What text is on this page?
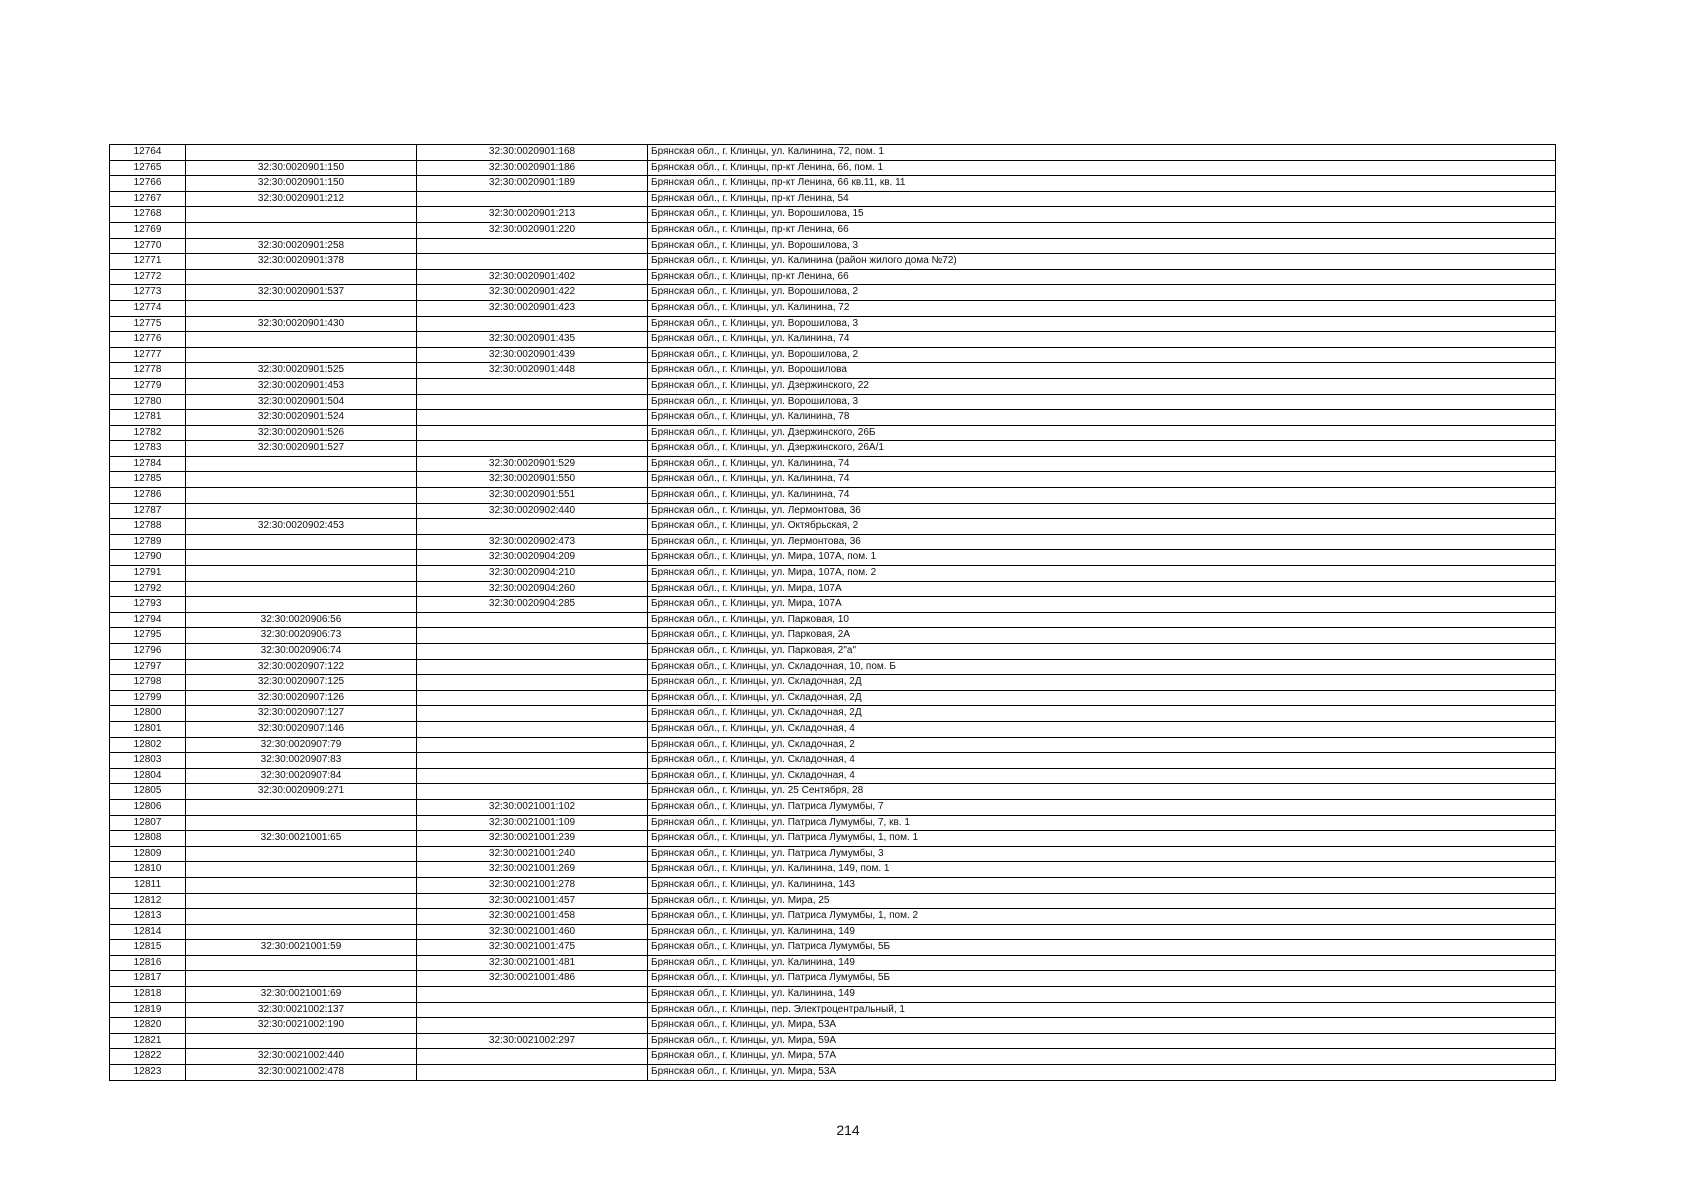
12764		32:30:0020901:168	Брянская обл., г. Клинцы, ул. Калинина, 72, пом. 1
12765	32:30:0020901:150	32:30:0020901:186	Брянская обл., г. Клинцы, пр-кт Ленина, 66, пом. 1
12766	32:30:0020901:150	32:30:0020901:189	Брянская обл., г. Клинцы, пр-кт Ленина, 66 кв.11, кв. 11
12767	32:30:0020901:212		Брянская обл., г. Клинцы, пр-кт Ленина, 54
12768		32:30:0020901:213	Брянская обл., г. Клинцы, ул. Ворошилова, 15
12769		32:30:0020901:220	Брянская обл., г. Клинцы, пр-кт Ленина, 66
12770	32:30:0020901:258		Брянская обл., г. Клинцы, ул. Ворошилова, 3
12771	32:30:0020901:378		Брянская обл., г. Клинцы, ул. Калинина (район жилого дома №72)
12772		32:30:0020901:402	Брянская обл., г. Клинцы, пр-кт Ленина, 66
12773	32:30:0020901:537	32:30:0020901:422	Брянская обл., г. Клинцы, ул. Ворошилова, 2
12774		32:30:0020901:423	Брянская обл., г. Клинцы, ул. Калинина, 72
12775	32:30:0020901:430		Брянская обл., г. Клинцы, ул. Ворошилова, 3
12776		32:30:0020901:435	Брянская обл., г. Клинцы, ул. Калинина, 74
12777		32:30:0020901:439	Брянская обл., г. Клинцы, ул. Ворошилова, 2
12778	32:30:0020901:525	32:30:0020901:448	Брянская обл., г. Клинцы, ул. Ворошилова
12779	32:30:0020901:453		Брянская обл., г. Клинцы, ул. Дзержинского, 22
12780	32:30:0020901:504		Брянская обл., г. Клинцы, ул. Ворошилова, 3
12781	32:30:0020901:524		Брянская обл., г. Клинцы, ул. Калинина, 78
12782	32:30:0020901:526		Брянская обл., г. Клинцы, ул. Дзержинского, 26Б
12783	32:30:0020901:527		Брянская обл., г. Клинцы, ул. Дзержинского, 26А/1
12784		32:30:0020901:529	Брянская обл., г. Клинцы, ул. Калинина, 74
12785		32:30:0020901:550	Брянская обл., г. Клинцы, ул. Калинина, 74
12786		32:30:0020901:551	Брянская обл., г. Клинцы, ул. Калинина, 74
12787		32:30:0020902:440	Брянская обл., г. Клинцы, ул. Лермонтова, 36
12788	32:30:0020902:453		Брянская обл., г. Клинцы, ул. Октябрьская, 2
12789		32:30:0020902:473	Брянская обл., г. Клинцы, ул. Лермонтова, 36
12790		32:30:0020904:209	Брянская обл., г. Клинцы, ул. Мира, 107А, пом. 1
12791		32:30:0020904:210	Брянская обл., г. Клинцы, ул. Мира, 107А, пом. 2
12792		32:30:0020904:260	Брянская обл., г. Клинцы, ул. Мира, 107А
12793		32:30:0020904:285	Брянская обл., г. Клинцы, ул. Мира, 107А
12794	32:30:0020906:56		Брянская обл., г. Клинцы, ул. Парковая, 10
12795	32:30:0020906:73		Брянская обл., г. Клинцы, ул. Парковая, 2А
12796	32:30:0020906:74		Брянская обл., г. Клинцы, ул. Парковая, 2"а"
12797	32:30:0020907:122		Брянская обл., г. Клинцы, ул. Складочная, 10, пом. Б
12798	32:30:0020907:125		Брянская обл., г. Клинцы, ул. Складочная, 2Д
12799	32:30:0020907:126		Брянская обл., г. Клинцы, ул. Складочная, 2Д
12800	32:30:0020907:127		Брянская обл., г. Клинцы, ул. Складочная, 2Д
12801	32:30:0020907:146		Брянская обл., г. Клинцы, ул. Складочная, 4
12802	32:30:0020907:79		Брянская обл., г. Клинцы, ул. Складочная, 2
12803	32:30:0020907:83		Брянская обл., г. Клинцы, ул. Складочная, 4
12804	32:30:0020907:84		Брянская обл., г. Клинцы, ул. Складочная, 4
12805	32:30:0020909:271		Брянская обл., г. Клинцы, ул. 25 Сентября, 28
12806		32:30:0021001:102	Брянская обл., г. Клинцы, ул. Патриса Лумумбы, 7
12807		32:30:0021001:109	Брянская обл., г. Клинцы, ул. Патриса Лумумбы, 7, кв. 1
12808	32:30:0021001:65	32:30:0021001:239	Брянская обл., г. Клинцы, ул. Патриса Лумумбы, 1, пом. 1
12809		32:30:0021001:240	Брянская обл., г. Клинцы, ул. Патриса Лумумбы, 3
12810		32:30:0021001:269	Брянская обл., г. Клинцы, ул. Калинина, 149, пом. 1
12811		32:30:0021001:278	Брянская обл., г. Клинцы, ул. Калинина, 143
12812		32:30:0021001:457	Брянская обл., г. Клинцы, ул. Мира, 25
12813		32:30:0021001:458	Брянская обл., г. Клинцы, ул. Патриса Лумумбы, 1, пом. 2
12814		32:30:0021001:460	Брянская обл., г. Клинцы, ул. Калинина, 149
12815	32:30:0021001:59	32:30:0021001:475	Брянская обл., г. Клинцы, ул. Патриса Лумумбы, 5Б
12816		32:30:0021001:481	Брянская обл., г. Клинцы, ул. Калинина, 149
12817		32:30:0021001:486	Брянская обл., г. Клинцы, ул. Патриса Лумумбы, 5Б
12818	32:30:0021001:69		Брянская обл., г. Клинцы, ул. Калинина, 149
12819	32:30:0021002:137		Брянская обл., г. Клинцы, пер. Электроцентральный, 1
12820	32:30:0021002:190		Брянская обл., г. Клинцы, ул. Мира, 53А
12821		32:30:0021002:297	Брянская обл., г. Клинцы, ул. Мира, 59А
12822	32:30:0021002:440		Брянская обл., г. Клинцы, ул. Мира, 57А
12823	32:30:0021002:478		Брянская обл., г. Клинцы, ул. Мира, 53А
214
